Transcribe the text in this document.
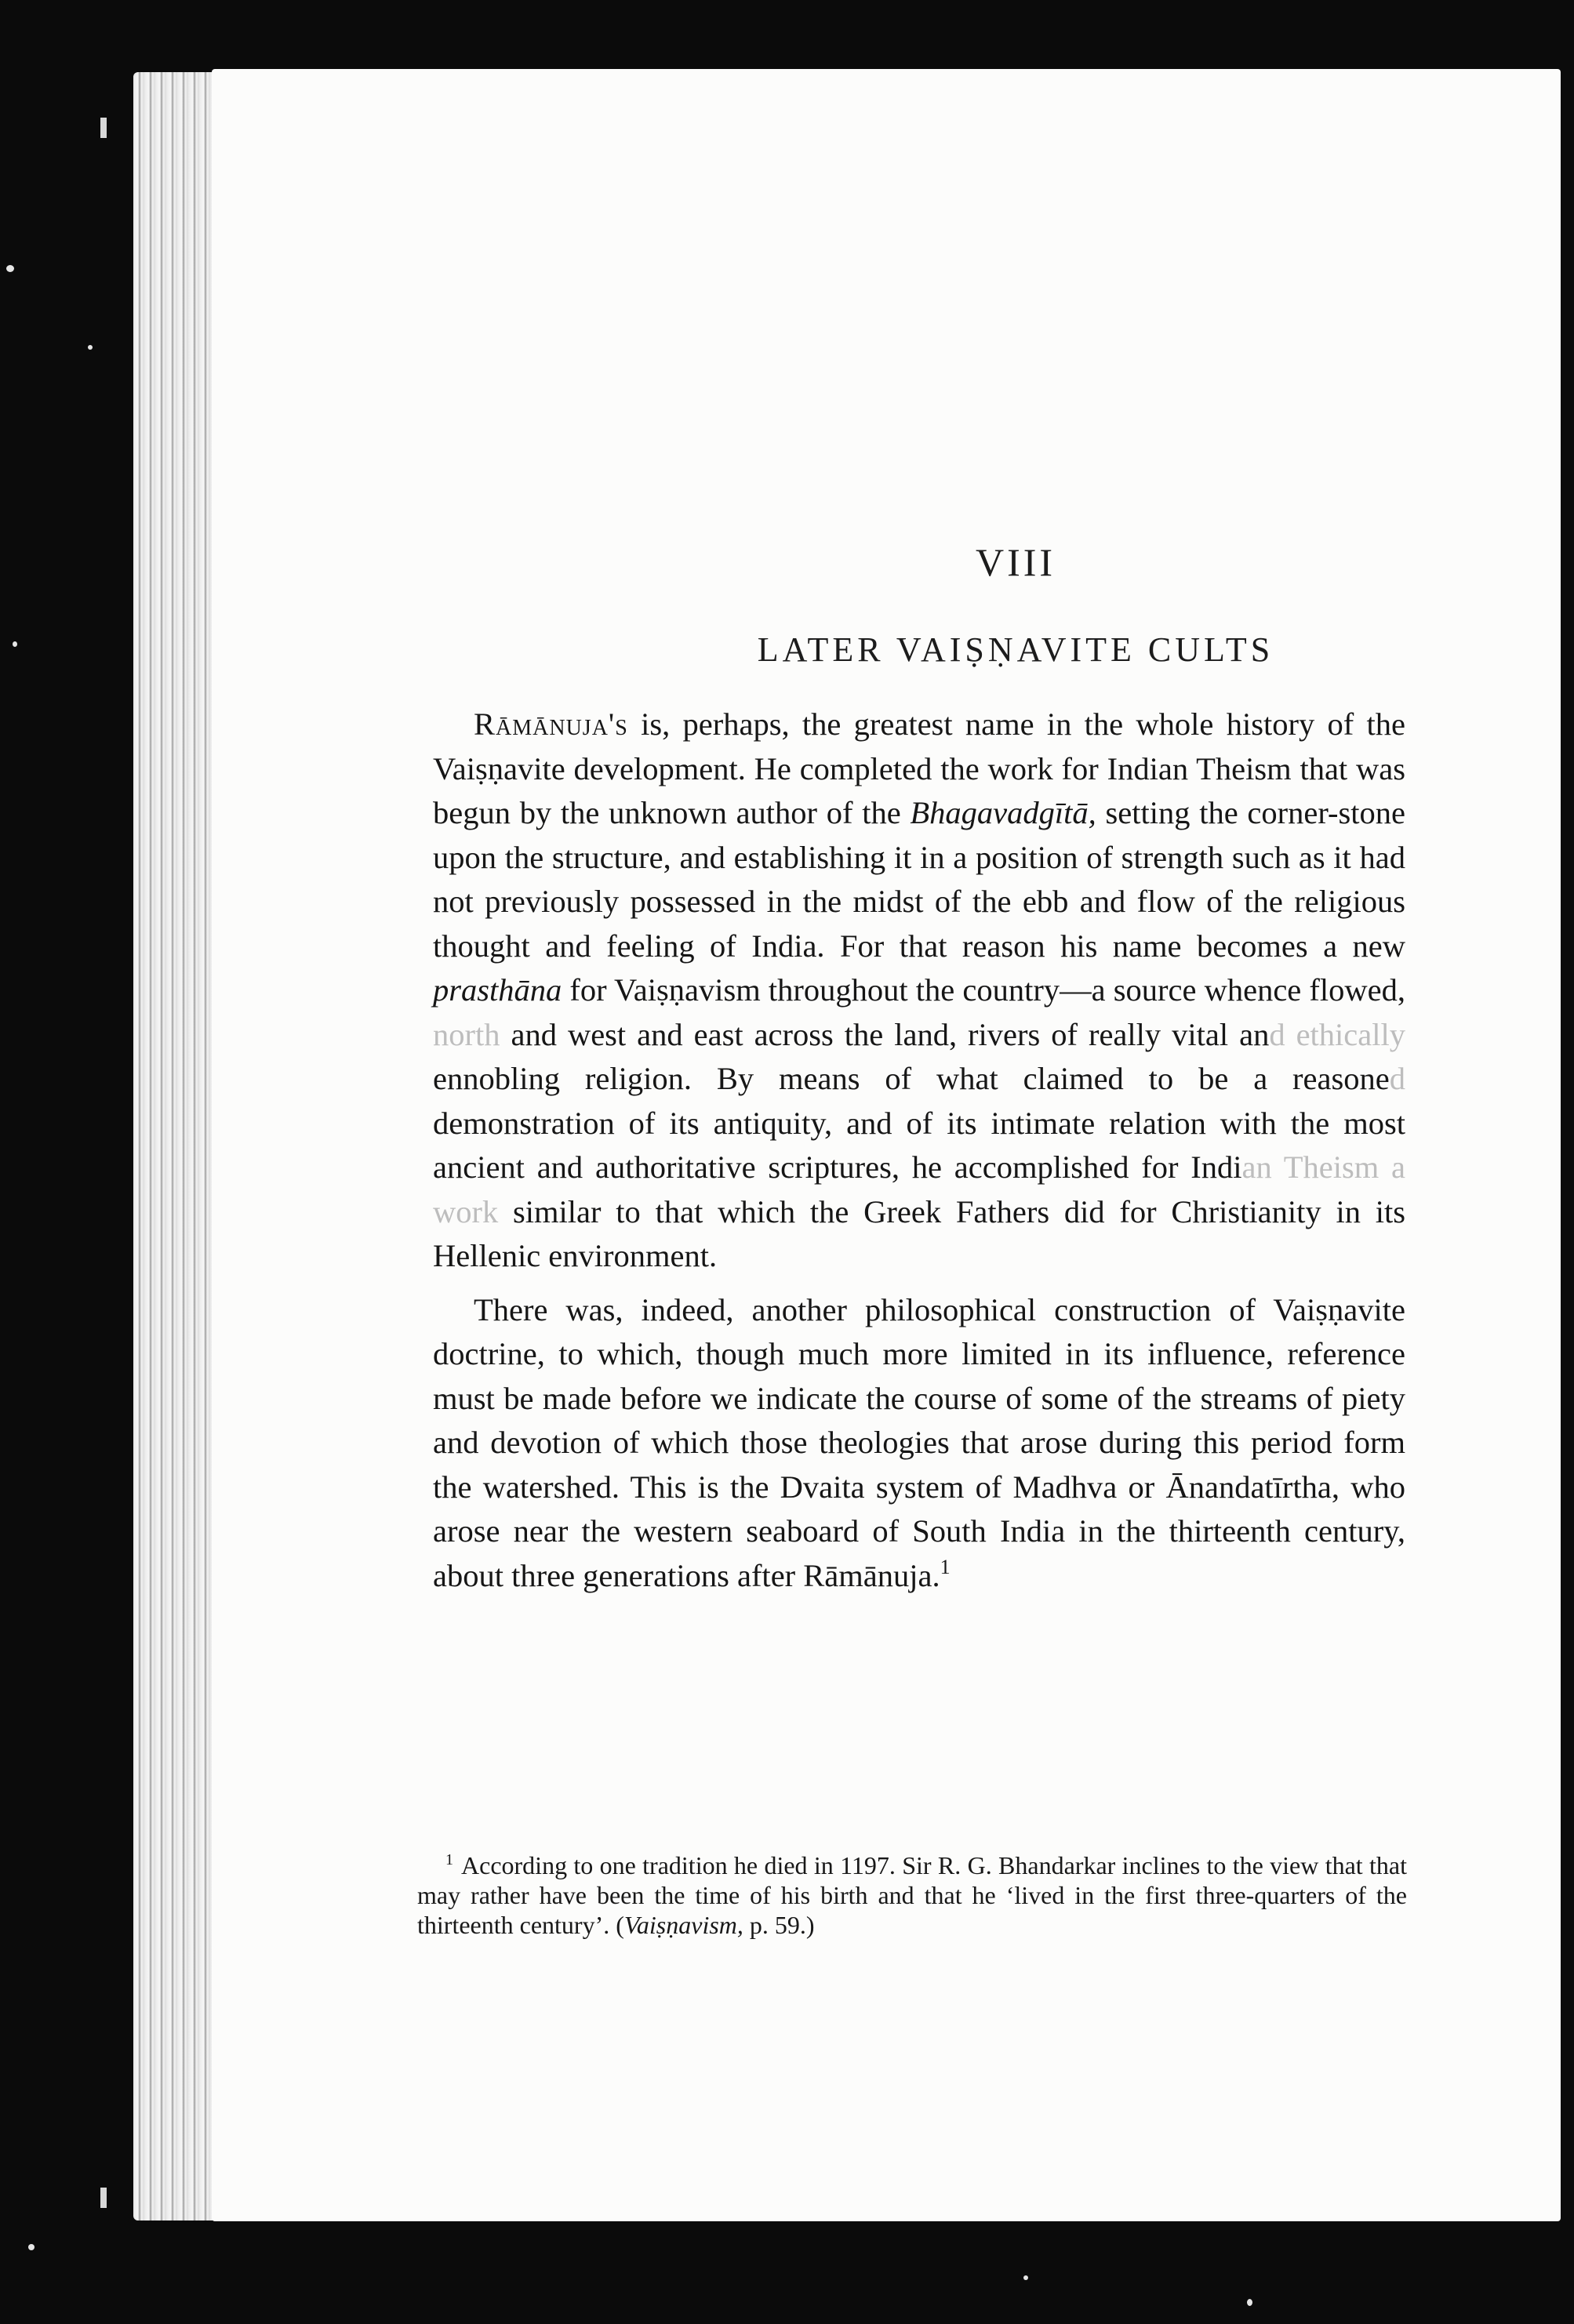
VIII
LATER VAIṢṆAVITE CULTS

Rāmānuja's is, perhaps, the greatest name in the whole history of the Vaiṣṇavite development. He completed the work for Indian Theism that was begun by the unknown author of the Bhagavadgītā, setting the corner-stone upon the structure, and establishing it in a position of strength such as it had not previously possessed in the midst of the ebb and flow of the religious thought and feeling of India. For that reason his name becomes a new prasthāna for Vaiṣṇavism throughout the country—a source whence flowed, north and west and east across the land, rivers of really vital and ethically ennobling religion. By means of what claimed to be a reasoned demonstration of its antiquity, and of its intimate relation with the most ancient and authoritative scriptures, he accomplished for Indian Theism a work similar to that which the Greek Fathers did for Christianity in its Hellenic environment.

There was, indeed, another philosophical construction of Vaiṣṇavite doctrine, to which, though much more limited in its influence, reference must be made before we indicate the course of some of the streams of piety and devotion of which those theologies that arose during this period form the watershed. This is the Dvaita system of Madhva or Ānandatīrtha, who arose near the western seaboard of South India in the thirteenth century, about three generations after Rāmānuja.$^1$

$^1$ According to one tradition he died in 1197. Sir R. G. Bhandarkar inclines to the view that that may rather have been the time of his birth and that he ‘lived in the first three-quarters of the thirteenth century’. (Vaiṣṇavism, p. 59.)
